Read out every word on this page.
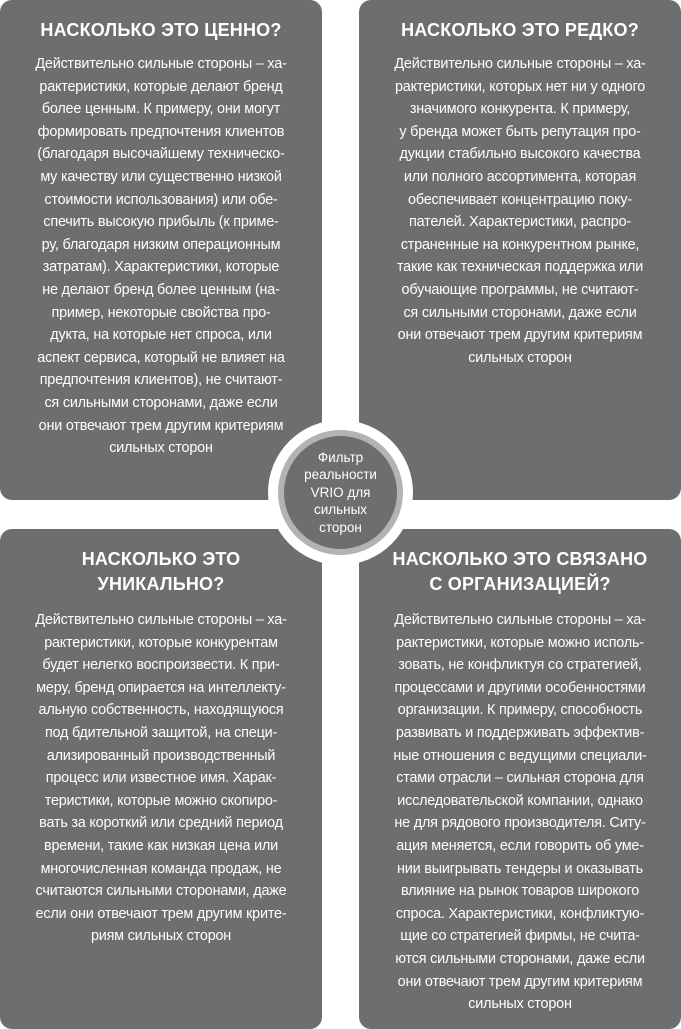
НАСКОЛЬКО ЭТО ЦЕННО?

Действительно сильные стороны – ха-
рактеристики, которые делают бренд
более ценным. К примеру, они могут
формировать предпочтения клиентов
(благодаря высочайшему техническо-
му качеству или существенно низкой
стоимости использования) или обе-
спечить высокую прибыль (к приме-
ру, благодаря низким операционным
затратам). Характеристики, которые
не делают бренд более ценным (на-
пример, некоторые свойства про-
дукта, на которые нет спроса, или
аспект сервиса, который не влияет на
предпочтения клиентов), не считают-
ся сильными сторонами, даже если
они отвечают трем другим критериям
сильных сторон

НАСКОЛЬКО ЭТО РЕДКО?

Действительно сильные стороны – ха-
рактеристики, которых нет ни у одного
значимого конкурента. К примеру,
у бренда может быть репутация про-
дукции стабильно высокого качества
или полного ассортимента, которая
обеспечивает концентрацию поку-
пателей. Характеристики, распро-
страненные на конкурентном рынке,
такие как техническая поддержка или
обучающие программы, не считают-
ся сильными сторонами, даже если
они отвечают трем другим критериям
сильных сторон

НАСКОЛЬКО ЭТО
УНИКАЛЬНО?

Действительно сильные стороны – ха-
рактеристики, которые конкурентам
будет нелегко воспроизвести. К при-
меру, бренд опирается на интеллекту-
альную собственность, находящуюся
под бдительной защитой, на специ-
ализированный производственный
процесс или известное имя. Харак-
теристики, которые можно скопиро-
вать за короткий или средний период
времени, такие как низкая цена или
многочисленная команда продаж, не
считаются сильными сторонами, даже
если они отвечают трем другим крите-
риям сильных сторон

НАСКОЛЬКО ЭТО СВЯЗАНО
С ОРГАНИЗАЦИЕЙ?

Действительно сильные стороны – ха-
рактеристики, которые можно исполь-
зовать, не конфликтуя со стратегией,
процессами и другими особенностями
организации. К примеру, способность
развивать и поддерживать эффектив-
ные отношения с ведущими специали-
стами отрасли – сильная сторона для
исследовательской компании, однако
не для рядового производителя. Ситу-
ация меняется, если говорить об уме-
нии выигрывать тендеры и оказывать
влияние на рынок товаров широкого
спроса. Характеристики, конфликтую-
щие со стратегией фирмы, не счита-
ются сильными сторонами, даже если
они отвечают трем другим критериям
сильных сторон

Фильтр
реальности
VRIO для
сильных
сторон
